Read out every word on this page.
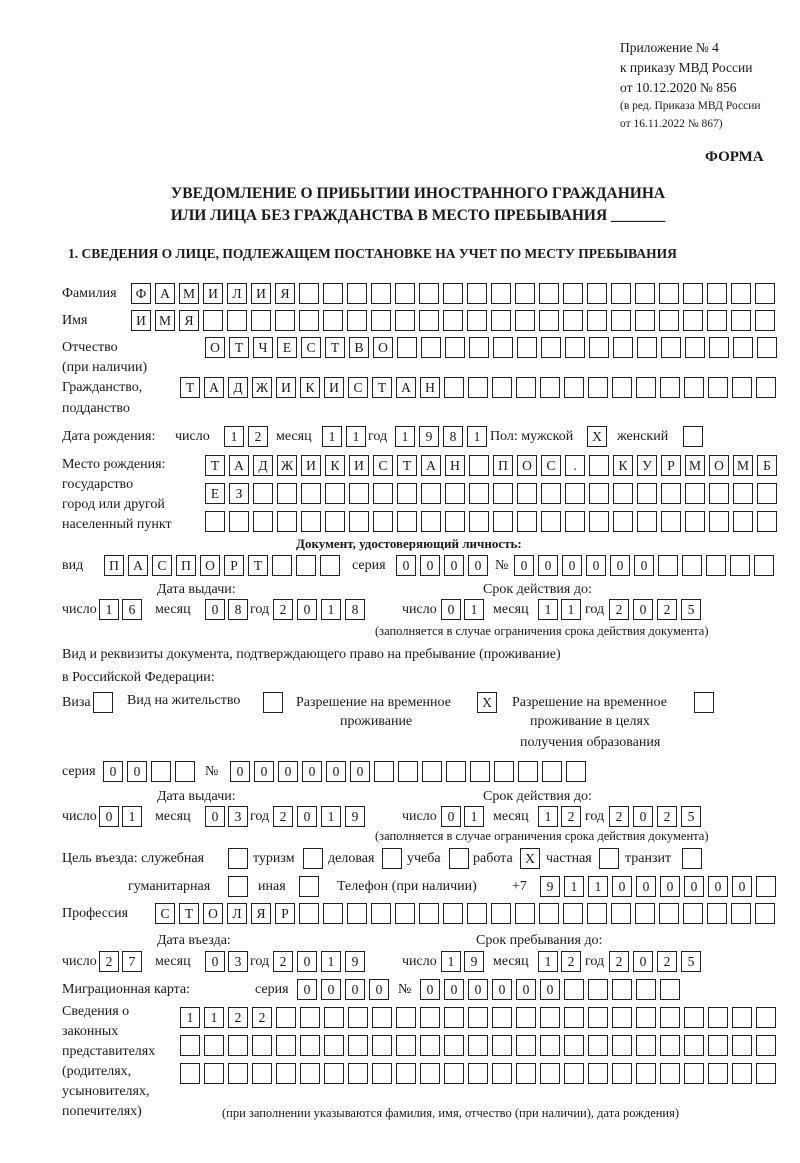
Приложение № 4
к приказу МВД России
от 10.12.2020 № 856
(в ред. Приказа МВД России
от 16.11.2022 № 867)
ФОРМА
УВЕДОМЛЕНИЕ О ПРИБЫТИИ ИНОСТРАННОГО ГРАЖДАНИНА
ИЛИ ЛИЦА БЕЗ ГРАЖДАНСТВА В МЕСТО ПРЕБЫВАНИЯ _______
1. СВЕДЕНИЯ О ЛИЦЕ, ПОДЛЕЖАЩЕМ ПОСТАНОВКЕ НА УЧЕТ ПО МЕСТУ ПРЕБЫВАНИЯ
Фамилия	Ф	А М И	Л	И	Я
Имя	И М Я
Отчество
(при наличии)
О	Т	Ч	Е	С	Т	В	О
Гражданство,
подданство
Т	А	Д Ж И	К	И	С	Т	А	Н
Дата рождения: число	1	2	месяц	1	1 год	1	9	8	1 Пол: мужской	X	женский
Место рождения:
государство
город или другой
населенный пункт
Т	А	Д Ж И	К	И	С	Т	А	Н	П	О	С	.	К	У	Р	М О М	Б
Е	З
Документ, удостоверяющий личность:
вид	П	А	С	П	О	Р	Т	серия	0	0	0	0 № 0	0	0	0	0	0
Дата выдачи:	Срок действия до:
число 1	6	месяц	0	8 год 2	0	1	8	число 0	1	месяц	1	1 год 2	0	2	5
(заполняется в случае ограничения срока действия документа)
Вид и реквизиты документа, подтверждающего право на пребывание (проживание)
в Российской Федерации:
Виза	Вид на жительство	Разрешение на временное
проживание
X	Разрешение на временное
проживание в целях
получения образования
серия	0	0	№	0	0	0	0	0	0
Дата выдачи:	Срок действия до:
число 0	1	месяц	0	3 год 2	0	1	9	число 0	1	месяц	1	2 год 2	0	2	5
(заполняется в случае ограничения срока действия документа)
Цель въезда: служебная	туризм деловая учеба работа X частная транзит
гуманитарная	иная	Телефон (при наличии)	+7	9	1	1	0	0	0	0	0	0
Профессия	С	Т	О	Л	Я	Р
Дата въезда:	Срок пребывания до:
число 2	7	месяц	0	3 год 2	0	1	9	число 1	9	месяц	1	2 год 2	0	2	5
Миграционная карта:	серия	0	0	0	0	№	0	0	0	0	0	0
Сведения о
законных
представителях
(родителях,
усыновителях,
попечителях)
1	1	2	2
(при заполнении указываются фамилия, имя, отчество (при наличии), дата рождения)
